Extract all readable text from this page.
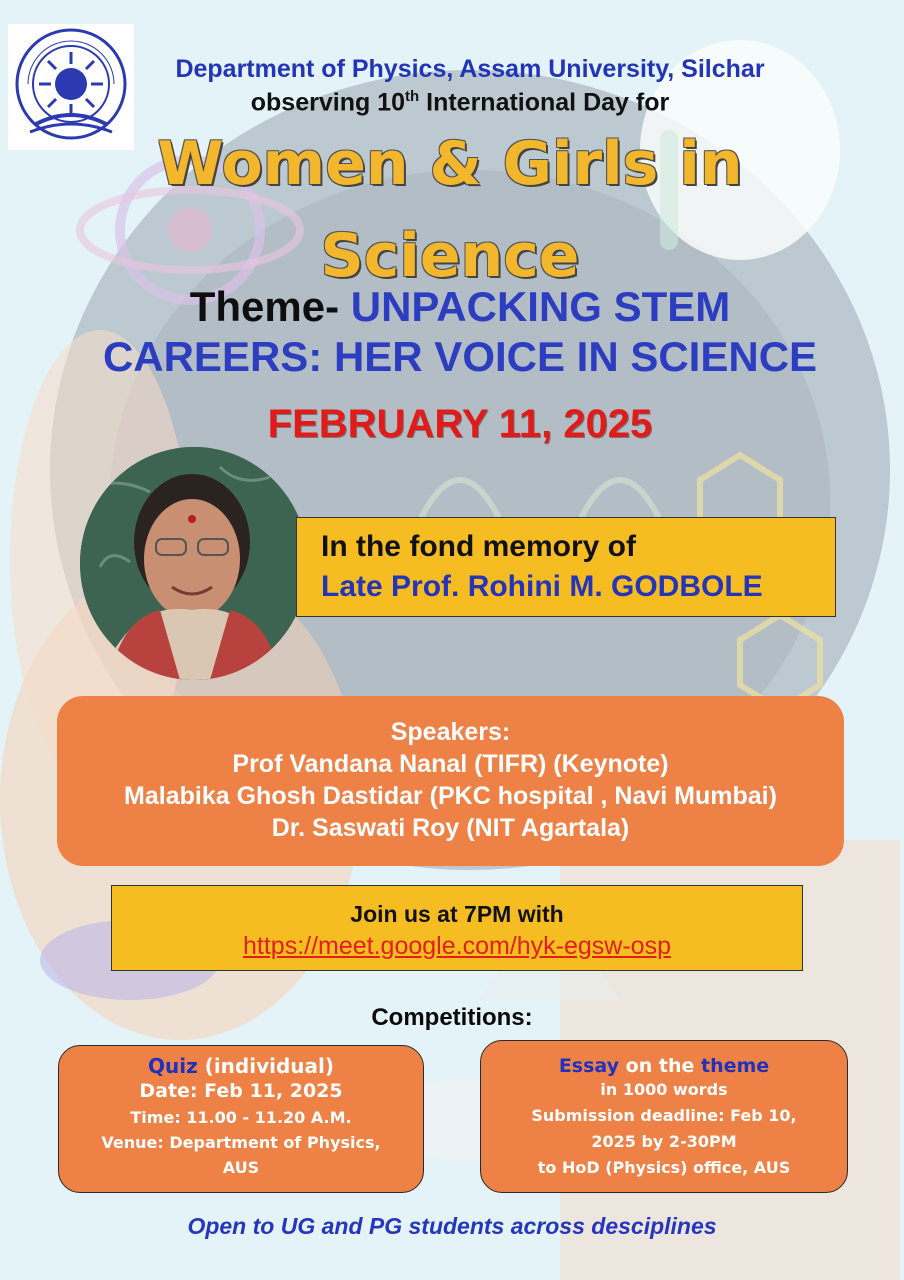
Department of Physics, Assam University, Silchar
observing 10th International Day for
Women & Girls in
Science
Theme- UNPACKING STEM
CAREERS: HER VOICE IN SCIENCE
FEBRUARY 11, 2025
In the fond memory of
Late Prof. Rohini M. GODBOLE
Speakers:
Prof Vandana Nanal (TIFR) (Keynote)
Malabika Ghosh Dastidar (PKC hospital , Navi Mumbai)
Dr. Saswati Roy (NIT Agartala)
Join us at 7PM with
https://meet.google.com/hyk-egsw-osp
Competitions:
Quiz (individual)
Date: Feb 11, 2025
Time: 11.00 - 11.20 A.M.
Venue: Department of Physics,
AUS
Essay on the theme
in 1000 words
Submission deadline: Feb 10,
2025 by 2-30PM
to HoD (Physics) office, AUS
Open to UG and PG students across desciplines
